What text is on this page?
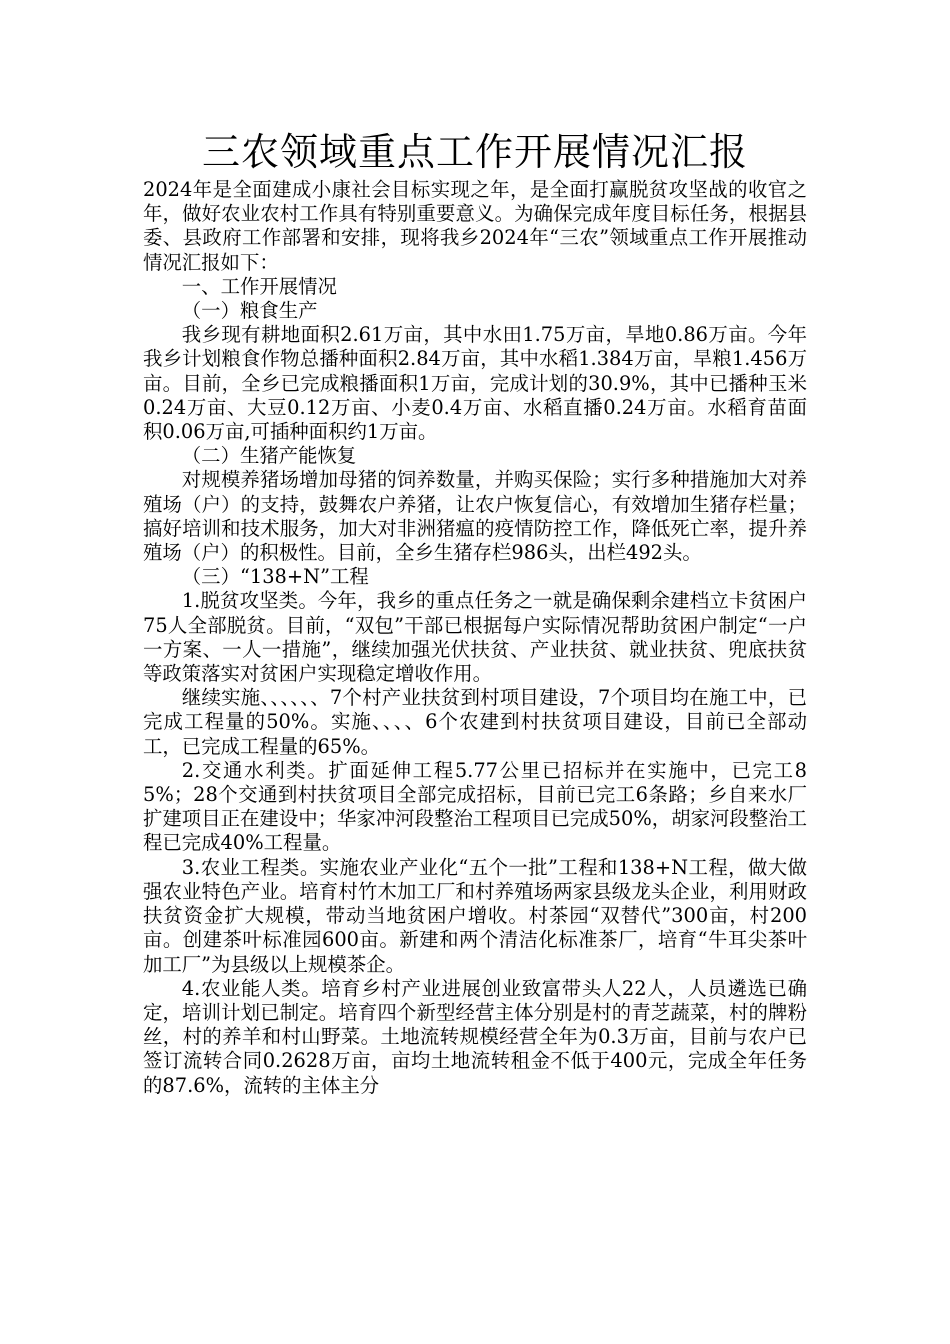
三农领域重点工作开展情况汇报

2024年是全面建成小康社会目标实现之年，是全面打赢脱贫攻坚战的收官之年，做好农业农村工作具有特别重要意义。为确保完成年度目标任务，根据县委、县政府工作部署和安排，现将我乡2024年“三农”领域重点工作开展推动情况汇报如下：

一、工作开展情况

（一）粮食生产

我乡现有耕地面积2.61万亩，其中水田1.75万亩，旱地0.86万亩。今年我乡计划粮食作物总播种面积2.84万亩，其中水稻1.384万亩，旱粮1.456万亩。目前，全乡已完成粮播面积1万亩，完成计划的30.9%，其中已播种玉米0.24万亩、大豆0.12万亩、小麦0.4万亩、水稻直播0.24万亩。水稻育苗面积0.06万亩,可插种面积约1万亩。

（二）生猪产能恢复

对规模养猪场增加母猪的饲养数量，并购买保险；实行多种措施加大对养殖场（户）的支持，鼓舞农户养猪，让农户恢复信心，有效增加生猪存栏量；搞好培训和技术服务，加大对非洲猪瘟的疫情防控工作，降低死亡率，提升养殖场（户）的积极性。目前，全乡生猪存栏986头，出栏492头。

（三）“138+N”工程

1.脱贫攻坚类。今年，我乡的重点任务之一就是确保剩余建档立卡贫困户75人全部脱贫。目前，“双包”干部已根据每户实际情况帮助贫困户制定“一户一方案、一人一措施”，继续加强光伏扶贫、产业扶贫、就业扶贫、兜底扶贫等政策落实对贫困户实现稳定增收作用。

继续实施、、、、、、7个村产业扶贫到村项目建设，7个项目均在施工中，已完成工程量的50%。实施、、、、6个农建到村扶贫项目建设，目前已全部动工，已完成工程量的65%。

2.交通水利类。扩面延伸工程5.77公里已招标并在实施中，已完工85%；28个交通到村扶贫项目全部完成招标，目前已完工6条路；乡自来水厂扩建项目正在建设中；华家冲河段整治工程项目已完成50%，胡家河段整治工程已完成40%工程量。

3.农业工程类。实施农业产业化“五个一批”工程和138+N工程，做大做强农业特色产业。培育村竹木加工厂和村养殖场两家县级龙头企业，利用财政扶贫资金扩大规模，带动当地贫困户增收。村茶园“双替代”300亩，村200亩。创建茶叶标准园600亩。新建和两个清洁化标准茶厂，培育“牛耳尖茶叶加工厂”为县级以上规模茶企。

4.农业能人类。培育乡村产业进展创业致富带头人22人，人员遴选已确定，培训计划已制定。培育四个新型经营主体分别是村的青芝蔬菜，村的牌粉丝，村的养羊和村山野菜。土地流转规模经营全年为0.3万亩，目前与农户已签订流转合同0.2628万亩，亩均土地流转租金不低于400元，完成全年任务的87.6%，流转的主体主分
